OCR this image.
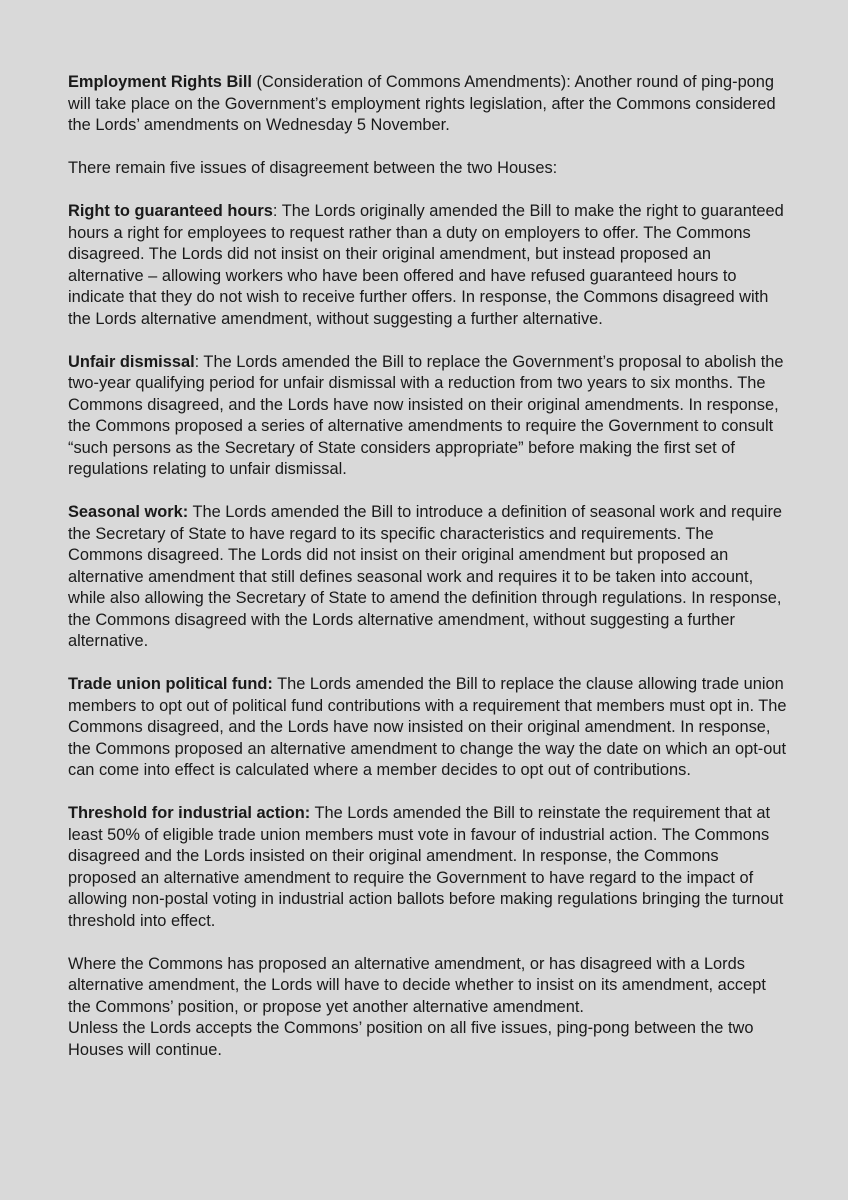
Employment Rights Bill (Consideration of Commons Amendments): Another round of ping-pong will take place on the Government’s employment rights legislation, after the Commons considered the Lords’ amendments on Wednesday 5 November.

There remain five issues of disagreement between the two Houses:

Right to guaranteed hours: The Lords originally amended the Bill to make the right to guaranteed hours a right for employees to request rather than a duty on employers to offer. The Commons disagreed. The Lords did not insist on their original amendment, but instead proposed an alternative – allowing workers who have been offered and have refused guaranteed hours to indicate that they do not wish to receive further offers. In response, the Commons disagreed with the Lords alternative amendment, without suggesting a further alternative.

Unfair dismissal: The Lords amended the Bill to replace the Government’s proposal to abolish the two-year qualifying period for unfair dismissal with a reduction from two years to six months. The Commons disagreed, and the Lords have now insisted on their original amendments. In response, the Commons proposed a series of alternative amendments to require the Government to consult “such persons as the Secretary of State considers appropriate” before making the first set of regulations relating to unfair dismissal.

Seasonal work: The Lords amended the Bill to introduce a definition of seasonal work and require the Secretary of State to have regard to its specific characteristics and requirements. The Commons disagreed. The Lords did not insist on their original amendment but proposed an alternative amendment that still defines seasonal work and requires it to be taken into account, while also allowing the Secretary of State to amend the definition through regulations. In response, the Commons disagreed with the Lords alternative amendment, without suggesting a further alternative.

Trade union political fund: The Lords amended the Bill to replace the clause allowing trade union members to opt out of political fund contributions with a requirement that members must opt in. The Commons disagreed, and the Lords have now insisted on their original amendment. In response, the Commons proposed an alternative amendment to change the way the date on which an opt-out can come into effect is calculated where a member decides to opt out of contributions.

Threshold for industrial action: The Lords amended the Bill to reinstate the requirement that at least 50% of eligible trade union members must vote in favour of industrial action. The Commons disagreed and the Lords insisted on their original amendment. In response, the Commons proposed an alternative amendment to require the Government to have regard to the impact of allowing non-postal voting in industrial action ballots before making regulations bringing the turnout threshold into effect.

Where the Commons has proposed an alternative amendment, or has disagreed with a Lords alternative amendment, the Lords will have to decide whether to insist on its amendment, accept the Commons’ position, or propose yet another alternative amendment.

Unless the Lords accepts the Commons’ position on all five issues, ping-pong between the two Houses will continue.
